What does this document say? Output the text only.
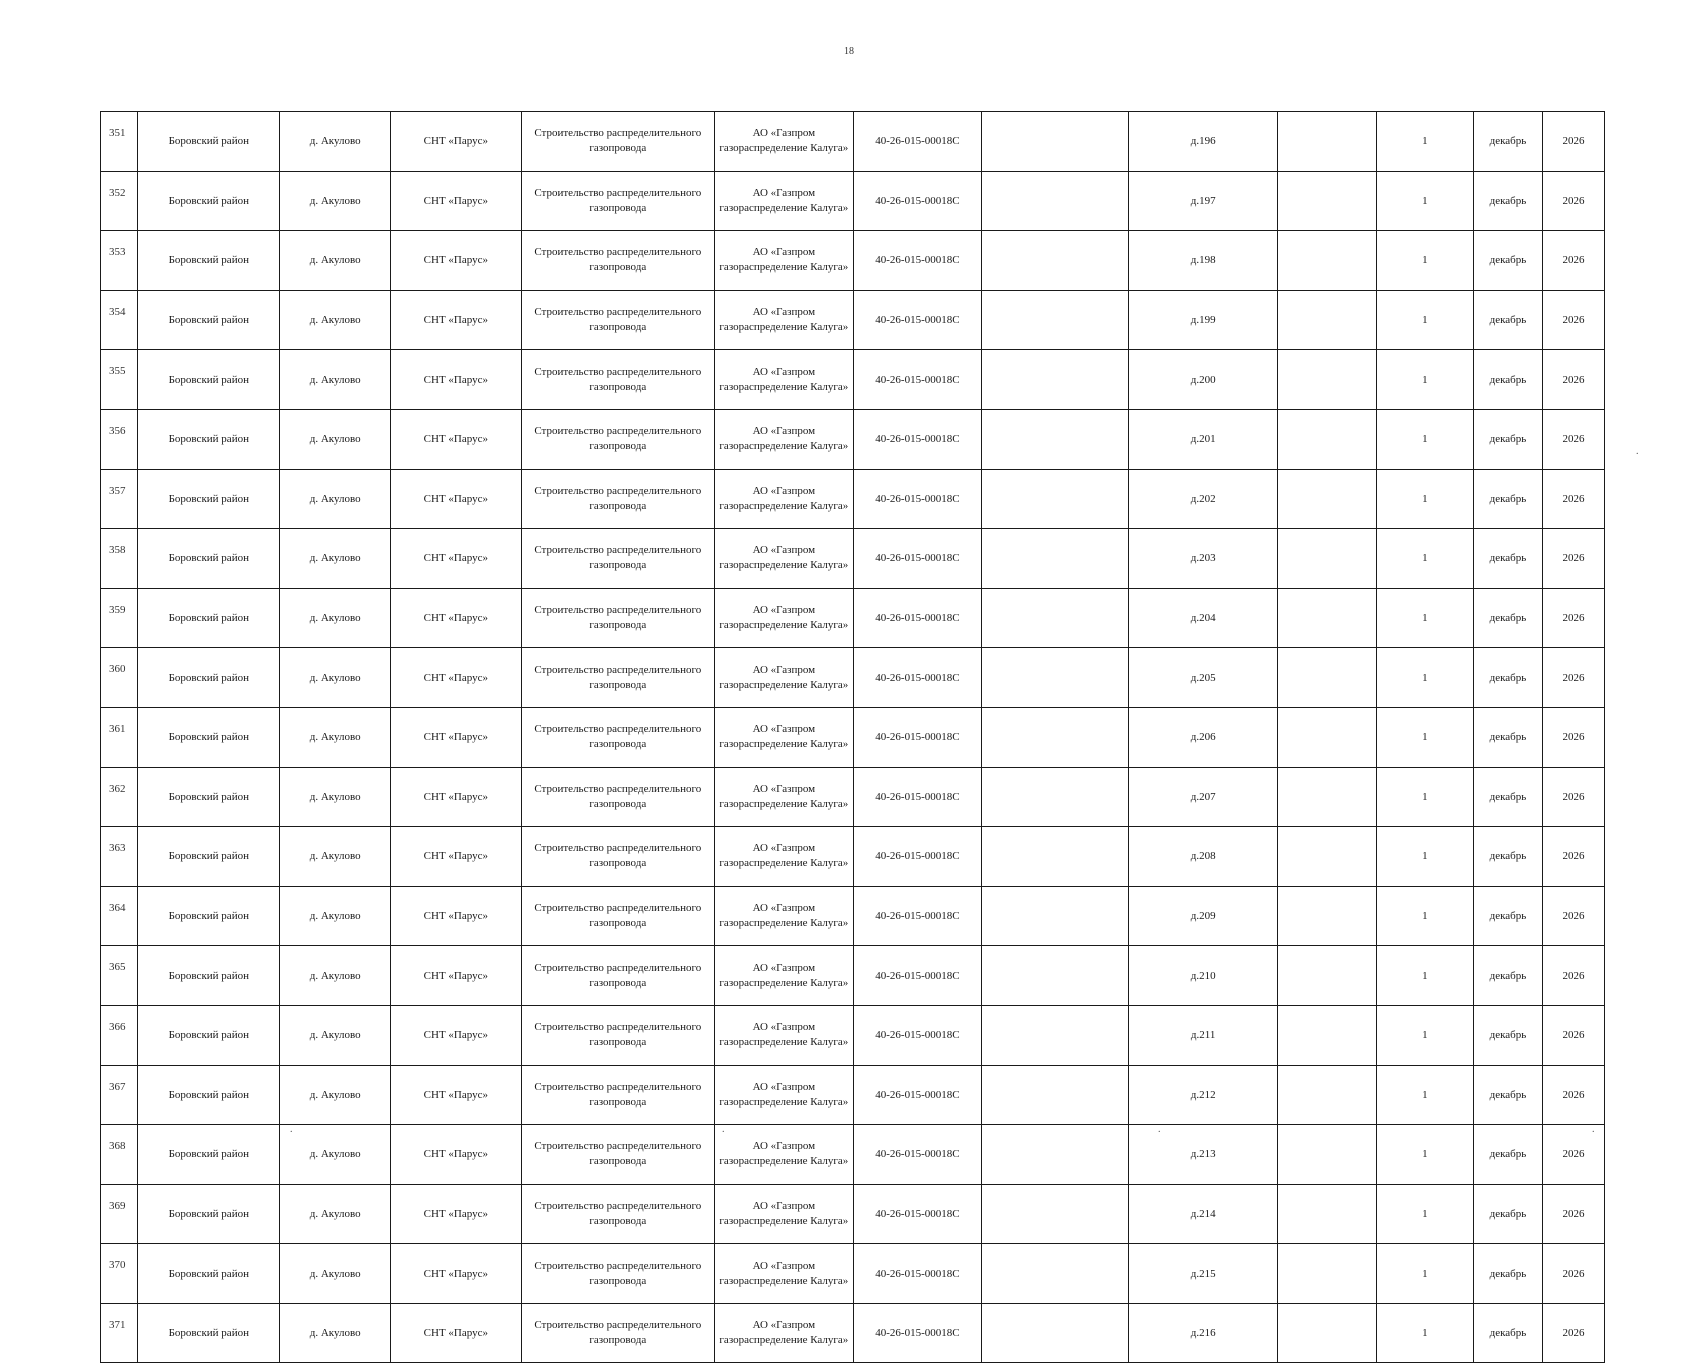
18
351	Боровский район	д. Акулово	СНТ «Парус»	Строительство распределительного газопровода	АО «Газпром газораспределение Калуга»	40-26-015-00018С		д.196		1	декабрь	2026
352	Боровский район	д. Акулово	СНТ «Парус»	Строительство распределительного газопровода	АО «Газпром газораспределение Калуга»	40-26-015-00018С		д.197		1	декабрь	2026
353	Боровский район	д. Акулово	СНТ «Парус»	Строительство распределительного газопровода	АО «Газпром газораспределение Калуга»	40-26-015-00018С		д.198		1	декабрь	2026
354	Боровский район	д. Акулово	СНТ «Парус»	Строительство распределительного газопровода	АО «Газпром газораспределение Калуга»	40-26-015-00018С		д.199		1	декабрь	2026
355	Боровский район	д. Акулово	СНТ «Парус»	Строительство распределительного газопровода	АО «Газпром газораспределение Калуга»	40-26-015-00018С		д.200		1	декабрь	2026
356	Боровский район	д. Акулово	СНТ «Парус»	Строительство распределительного газопровода	АО «Газпром газораспределение Калуга»	40-26-015-00018С		д.201		1	декабрь	2026
357	Боровский район	д. Акулово	СНТ «Парус»	Строительство распределительного газопровода	АО «Газпром газораспределение Калуга»	40-26-015-00018С		д.202		1	декабрь	2026
358	Боровский район	д. Акулово	СНТ «Парус»	Строительство распределительного газопровода	АО «Газпром газораспределение Калуга»	40-26-015-00018С		д.203		1	декабрь	2026
359	Боровский район	д. Акулово	СНТ «Парус»	Строительство распределительного газопровода	АО «Газпром газораспределение Калуга»	40-26-015-00018С		д.204		1	декабрь	2026
360	Боровский район	д. Акулово	СНТ «Парус»	Строительство распределительного газопровода	АО «Газпром газораспределение Калуга»	40-26-015-00018С		д.205		1	декабрь	2026
361	Боровский район	д. Акулово	СНТ «Парус»	Строительство распределительного газопровода	АО «Газпром газораспределение Калуга»	40-26-015-00018С		д.206		1	декабрь	2026
362	Боровский район	д. Акулово	СНТ «Парус»	Строительство распределительного газопровода	АО «Газпром газораспределение Калуга»	40-26-015-00018С		д.207		1	декабрь	2026
363	Боровский район	д. Акулово	СНТ «Парус»	Строительство распределительного газопровода	АО «Газпром газораспределение Калуга»	40-26-015-00018С		д.208		1	декабрь	2026
364	Боровский район	д. Акулово	СНТ «Парус»	Строительство распределительного газопровода	АО «Газпром газораспределение Калуга»	40-26-015-00018С		д.209		1	декабрь	2026
365	Боровский район	д. Акулово	СНТ «Парус»	Строительство распределительного газопровода	АО «Газпром газораспределение Калуга»	40-26-015-00018С		д.210		1	декабрь	2026
366	Боровский район	д. Акулово	СНТ «Парус»	Строительство распределительного газопровода	АО «Газпром газораспределение Калуга»	40-26-015-00018С		д.211		1	декабрь	2026
367	Боровский район	д. Акулово	СНТ «Парус»	Строительство распределительного газопровода	АО «Газпром газораспределение Калуга»	40-26-015-00018С		д.212		1	декабрь	2026
368	Боровский район	д. Акулово	СНТ «Парус»	Строительство распределительного газопровода	АО «Газпром газораспределение Калуга»	40-26-015-00018С		д.213		1	декабрь	2026
369	Боровский район	д. Акулово	СНТ «Парус»	Строительство распределительного газопровода	АО «Газпром газораспределение Калуга»	40-26-015-00018С		д.214		1	декабрь	2026
370	Боровский район	д. Акулово	СНТ «Парус»	Строительство распределительного газопровода	АО «Газпром газораспределение Калуга»	40-26-015-00018С		д.215		1	декабрь	2026
371	Боровский район	д. Акулово	СНТ «Парус»	Строительство распределительного газопровода	АО «Газпром газораспределение Калуга»	40-26-015-00018С		д.216		1	декабрь	2026
.
.	.	.	.
